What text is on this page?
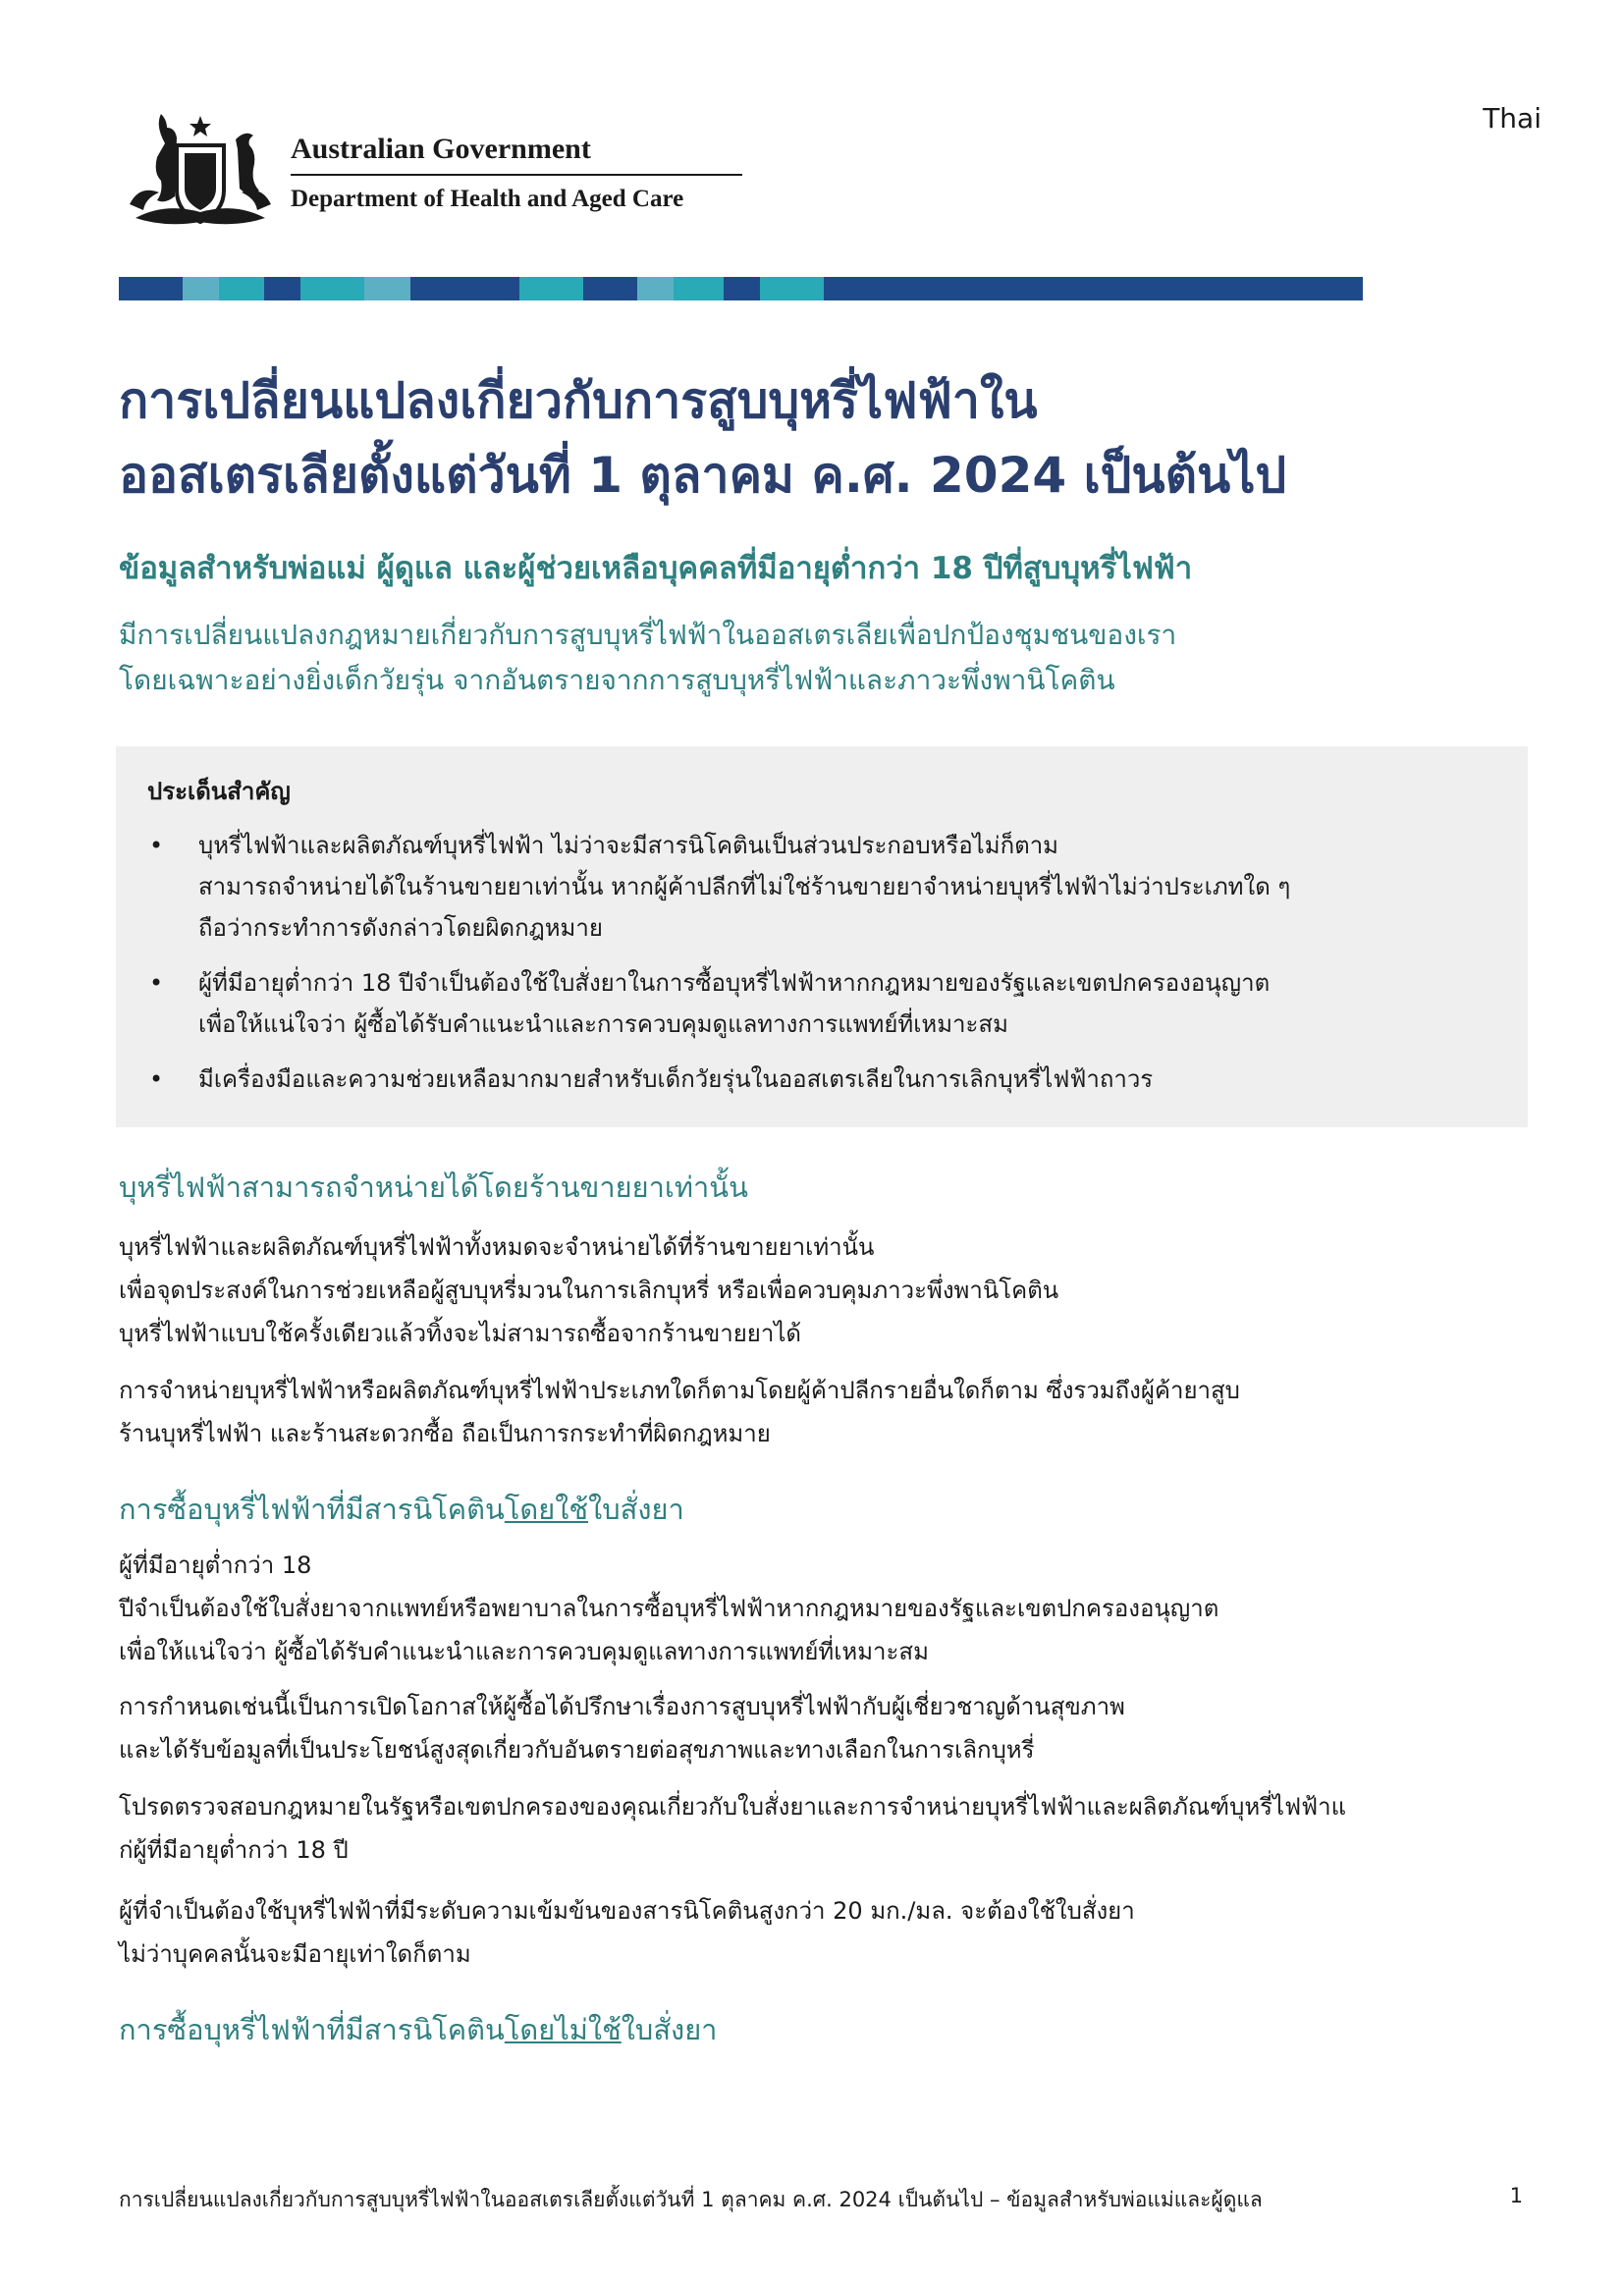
Thai
Australian Government
Department of Health and Aged Care
การเปลี่ยนแปลงเกี่ยวกับการสูบบุหรี่ไฟฟ้าใน
ออสเตรเลียตั้งแต่วันที่ 1 ตุลาคม ค.ศ. 2024 เป็นต้นไป
ข้อมูลสำหรับพ่อแม่ ผู้ดูแล และผู้ช่วยเหลือบุคคลที่มีอายุต่ำกว่า 18 ปีที่สูบบุหรี่ไฟฟ้า

มีการเปลี่ยนแปลงกฎหมายเกี่ยวกับการสูบบุหรี่ไฟฟ้าในออสเตรเลียเพื่อปกป้องชุมชนของเรา
โดยเฉพาะอย่างยิ่งเด็กวัยรุ่น จากอันตรายจากการสูบบุหรี่ไฟฟ้าและภาวะพึ่งพานิโคติน

ประเด็นสำคัญ
• บุหรี่ไฟฟ้าและผลิตภัณฑ์บุหรี่ไฟฟ้า ไม่ว่าจะมีสารนิโคตินเป็นส่วนประกอบหรือไม่ก็ตาม
สามารถจำหน่ายได้ในร้านขายยาเท่านั้น หากผู้ค้าปลีกที่ไม่ใช่ร้านขายยาจำหน่ายบุหรี่ไฟฟ้าไม่ว่าประเภทใด ๆ
ถือว่ากระทำการดังกล่าวโดยผิดกฎหมาย
• ผู้ที่มีอายุต่ำกว่า 18 ปีจำเป็นต้องใช้ใบสั่งยาในการซื้อบุหรี่ไฟฟ้าหากกฎหมายของรัฐและเขตปกครองอนุญาต
เพื่อให้แน่ใจว่า ผู้ซื้อได้รับคำแนะนำและการควบคุมดูแลทางการแพทย์ที่เหมาะสม
• มีเครื่องมือและความช่วยเหลือมากมายสำหรับเด็กวัยรุ่นในออสเตรเลียในการเลิกบุหรี่ไฟฟ้าถาวร
บุหรี่ไฟฟ้าสามารถจำหน่ายได้โดยร้านขายยาเท่านั้น

บุหรี่ไฟฟ้าและผลิตภัณฑ์บุหรี่ไฟฟ้าทั้งหมดจะจำหน่ายได้ที่ร้านขายยาเท่านั้น
เพื่อจุดประสงค์ในการช่วยเหลือผู้สูบบุหรี่มวนในการเลิกบุหรี่ หรือเพื่อควบคุมภาวะพึ่งพานิโคติน
บุหรี่ไฟฟ้าแบบใช้ครั้งเดียวแล้วทิ้งจะไม่สามารถซื้อจากร้านขายยาได้

การจำหน่ายบุหรี่ไฟฟ้าหรือผลิตภัณฑ์บุหรี่ไฟฟ้าประเภทใดก็ตามโดยผู้ค้าปลีกรายอื่นใดก็ตาม ซึ่งรวมถึงผู้ค้ายาสูบ
ร้านบุหรี่ไฟฟ้า และร้านสะดวกซื้อ ถือเป็นการกระทำที่ผิดกฎหมาย

การซื้อบุหรี่ไฟฟ้าที่มีสารนิโคตินโดยใช้ใบสั่งยา

ผู้ที่มีอายุต่ำกว่า 18
ปีจำเป็นต้องใช้ใบสั่งยาจากแพทย์หรือพยาบาลในการซื้อบุหรี่ไฟฟ้าหากกฎหมายของรัฐและเขตปกครองอนุญาต
เพื่อให้แน่ใจว่า ผู้ซื้อได้รับคำแนะนำและการควบคุมดูแลทางการแพทย์ที่เหมาะสม

การกำหนดเช่นนี้เป็นการเปิดโอกาสให้ผู้ซื้อได้ปรึกษาเรื่องการสูบบุหรี่ไฟฟ้ากับผู้เชี่ยวชาญด้านสุขภาพ
และได้รับข้อมูลที่เป็นประโยชน์สูงสุดเกี่ยวกับอันตรายต่อสุขภาพและทางเลือกในการเลิกบุหรี่

โปรดตรวจสอบกฎหมายในรัฐหรือเขตปกครองของคุณเกี่ยวกับใบสั่งยาและการจำหน่ายบุหรี่ไฟฟ้าและผลิตภัณฑ์บุหรี่ไฟฟ้าแ
ก่ผู้ที่มีอายุต่ำกว่า 18 ปี

ผู้ที่จำเป็นต้องใช้บุหรี่ไฟฟ้าที่มีระดับความเข้มข้นของสารนิโคตินสูงกว่า 20 มก./มล. จะต้องใช้ใบสั่งยา
ไม่ว่าบุคคลนั้นจะมีอายุเท่าใดก็ตาม

การซื้อบุหรี่ไฟฟ้าที่มีสารนิโคตินโดยไม่ใช้ใบสั่งยา
การเปลี่ยนแปลงเกี่ยวกับการสูบบุหรี่ไฟฟ้าในออสเตรเลียตั้งแต่วันที่ 1 ตุลาคม ค.ศ. 2024 เป็นต้นไป – ข้อมูลสำหรับพ่อแม่และผู้ดูแล	1
